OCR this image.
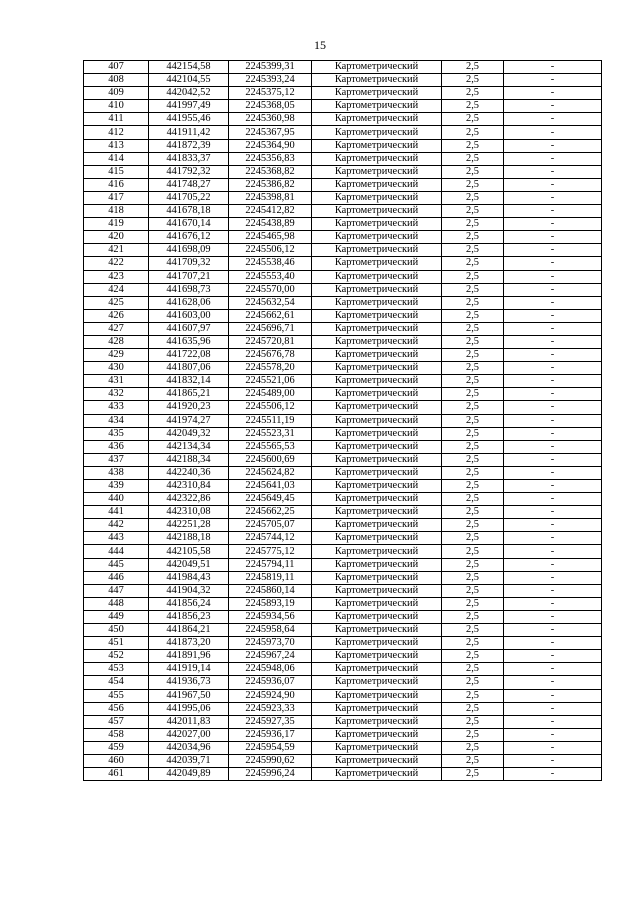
15
407	442154,58	2245399,31	Картометрический	2,5	-
408	442104,55	2245393,24	Картометрический	2,5	-
409	442042,52	2245375,12	Картометрический	2,5	-
410	441997,49	2245368,05	Картометрический	2,5	-
411	441955,46	2245360,98	Картометрический	2,5	-
412	441911,42	2245367,95	Картометрический	2,5	-
413	441872,39	2245364,90	Картометрический	2,5	-
414	441833,37	2245356,83	Картометрический	2,5	-
415	441792,32	2245368,82	Картометрический	2,5	-
416	441748,27	2245386,82	Картометрический	2,5	-
417	441705,22	2245398,81	Картометрический	2,5	-
418	441678,18	2245412,82	Картометрический	2,5	-
419	441670,14	2245438,89	Картометрический	2,5	-
420	441676,12	2245465,98	Картометрический	2,5	-
421	441698,09	2245506,12	Картометрический	2,5	-
422	441709,32	2245538,46	Картометрический	2,5	-
423	441707,21	2245553,40	Картометрический	2,5	-
424	441698,73	2245570,00	Картометрический	2,5	-
425	441628,06	2245632,54	Картометрический	2,5	-
426	441603,00	2245662,61	Картометрический	2,5	-
427	441607,97	2245696,71	Картометрический	2,5	-
428	441635,96	2245720,81	Картометрический	2,5	-
429	441722,08	2245676,78	Картометрический	2,5	-
430	441807,06	2245578,20	Картометрический	2,5	-
431	441832,14	2245521,06	Картометрический	2,5	-
432	441865,21	2245489,00	Картометрический	2,5	-
433	441920,23	2245506,12	Картометрический	2,5	-
434	441974,27	2245511,19	Картометрический	2,5	-
435	442049,32	2245523,31	Картометрический	2,5	-
436	442134,34	2245565,53	Картометрический	2,5	-
437	442188,34	2245600,69	Картометрический	2,5	-
438	442240,36	2245624,82	Картометрический	2,5	-
439	442310,84	2245641,03	Картометрический	2,5	-
440	442322,86	2245649,45	Картометрический	2,5	-
441	442310,08	2245662,25	Картометрический	2,5	-
442	442251,28	2245705,07	Картометрический	2,5	-
443	442188,18	2245744,12	Картометрический	2,5	-
444	442105,58	2245775,12	Картометрический	2,5	-
445	442049,51	2245794,11	Картометрический	2,5	-
446	441984,43	2245819,11	Картометрический	2,5	-
447	441904,32	2245860,14	Картометрический	2,5	-
448	441856,24	2245893,19	Картометрический	2,5	-
449	441856,23	2245934,56	Картометрический	2,5	-
450	441864,21	2245958,64	Картометрический	2,5	-
451	441873,20	2245973,70	Картометрический	2,5	-
452	441891,96	2245967,24	Картометрический	2,5	-
453	441919,14	2245948,06	Картометрический	2,5	-
454	441936,73	2245936,07	Картометрический	2,5	-
455	441967,50	2245924,90	Картометрический	2,5	-
456	441995,06	2245923,33	Картометрический	2,5	-
457	442011,83	2245927,35	Картометрический	2,5	-
458	442027,00	2245936,17	Картометрический	2,5	-
459	442034,96	2245954,59	Картометрический	2,5	-
460	442039,71	2245990,62	Картометрический	2,5	-
461	442049,89	2245996,24	Картометрический	2,5	-
